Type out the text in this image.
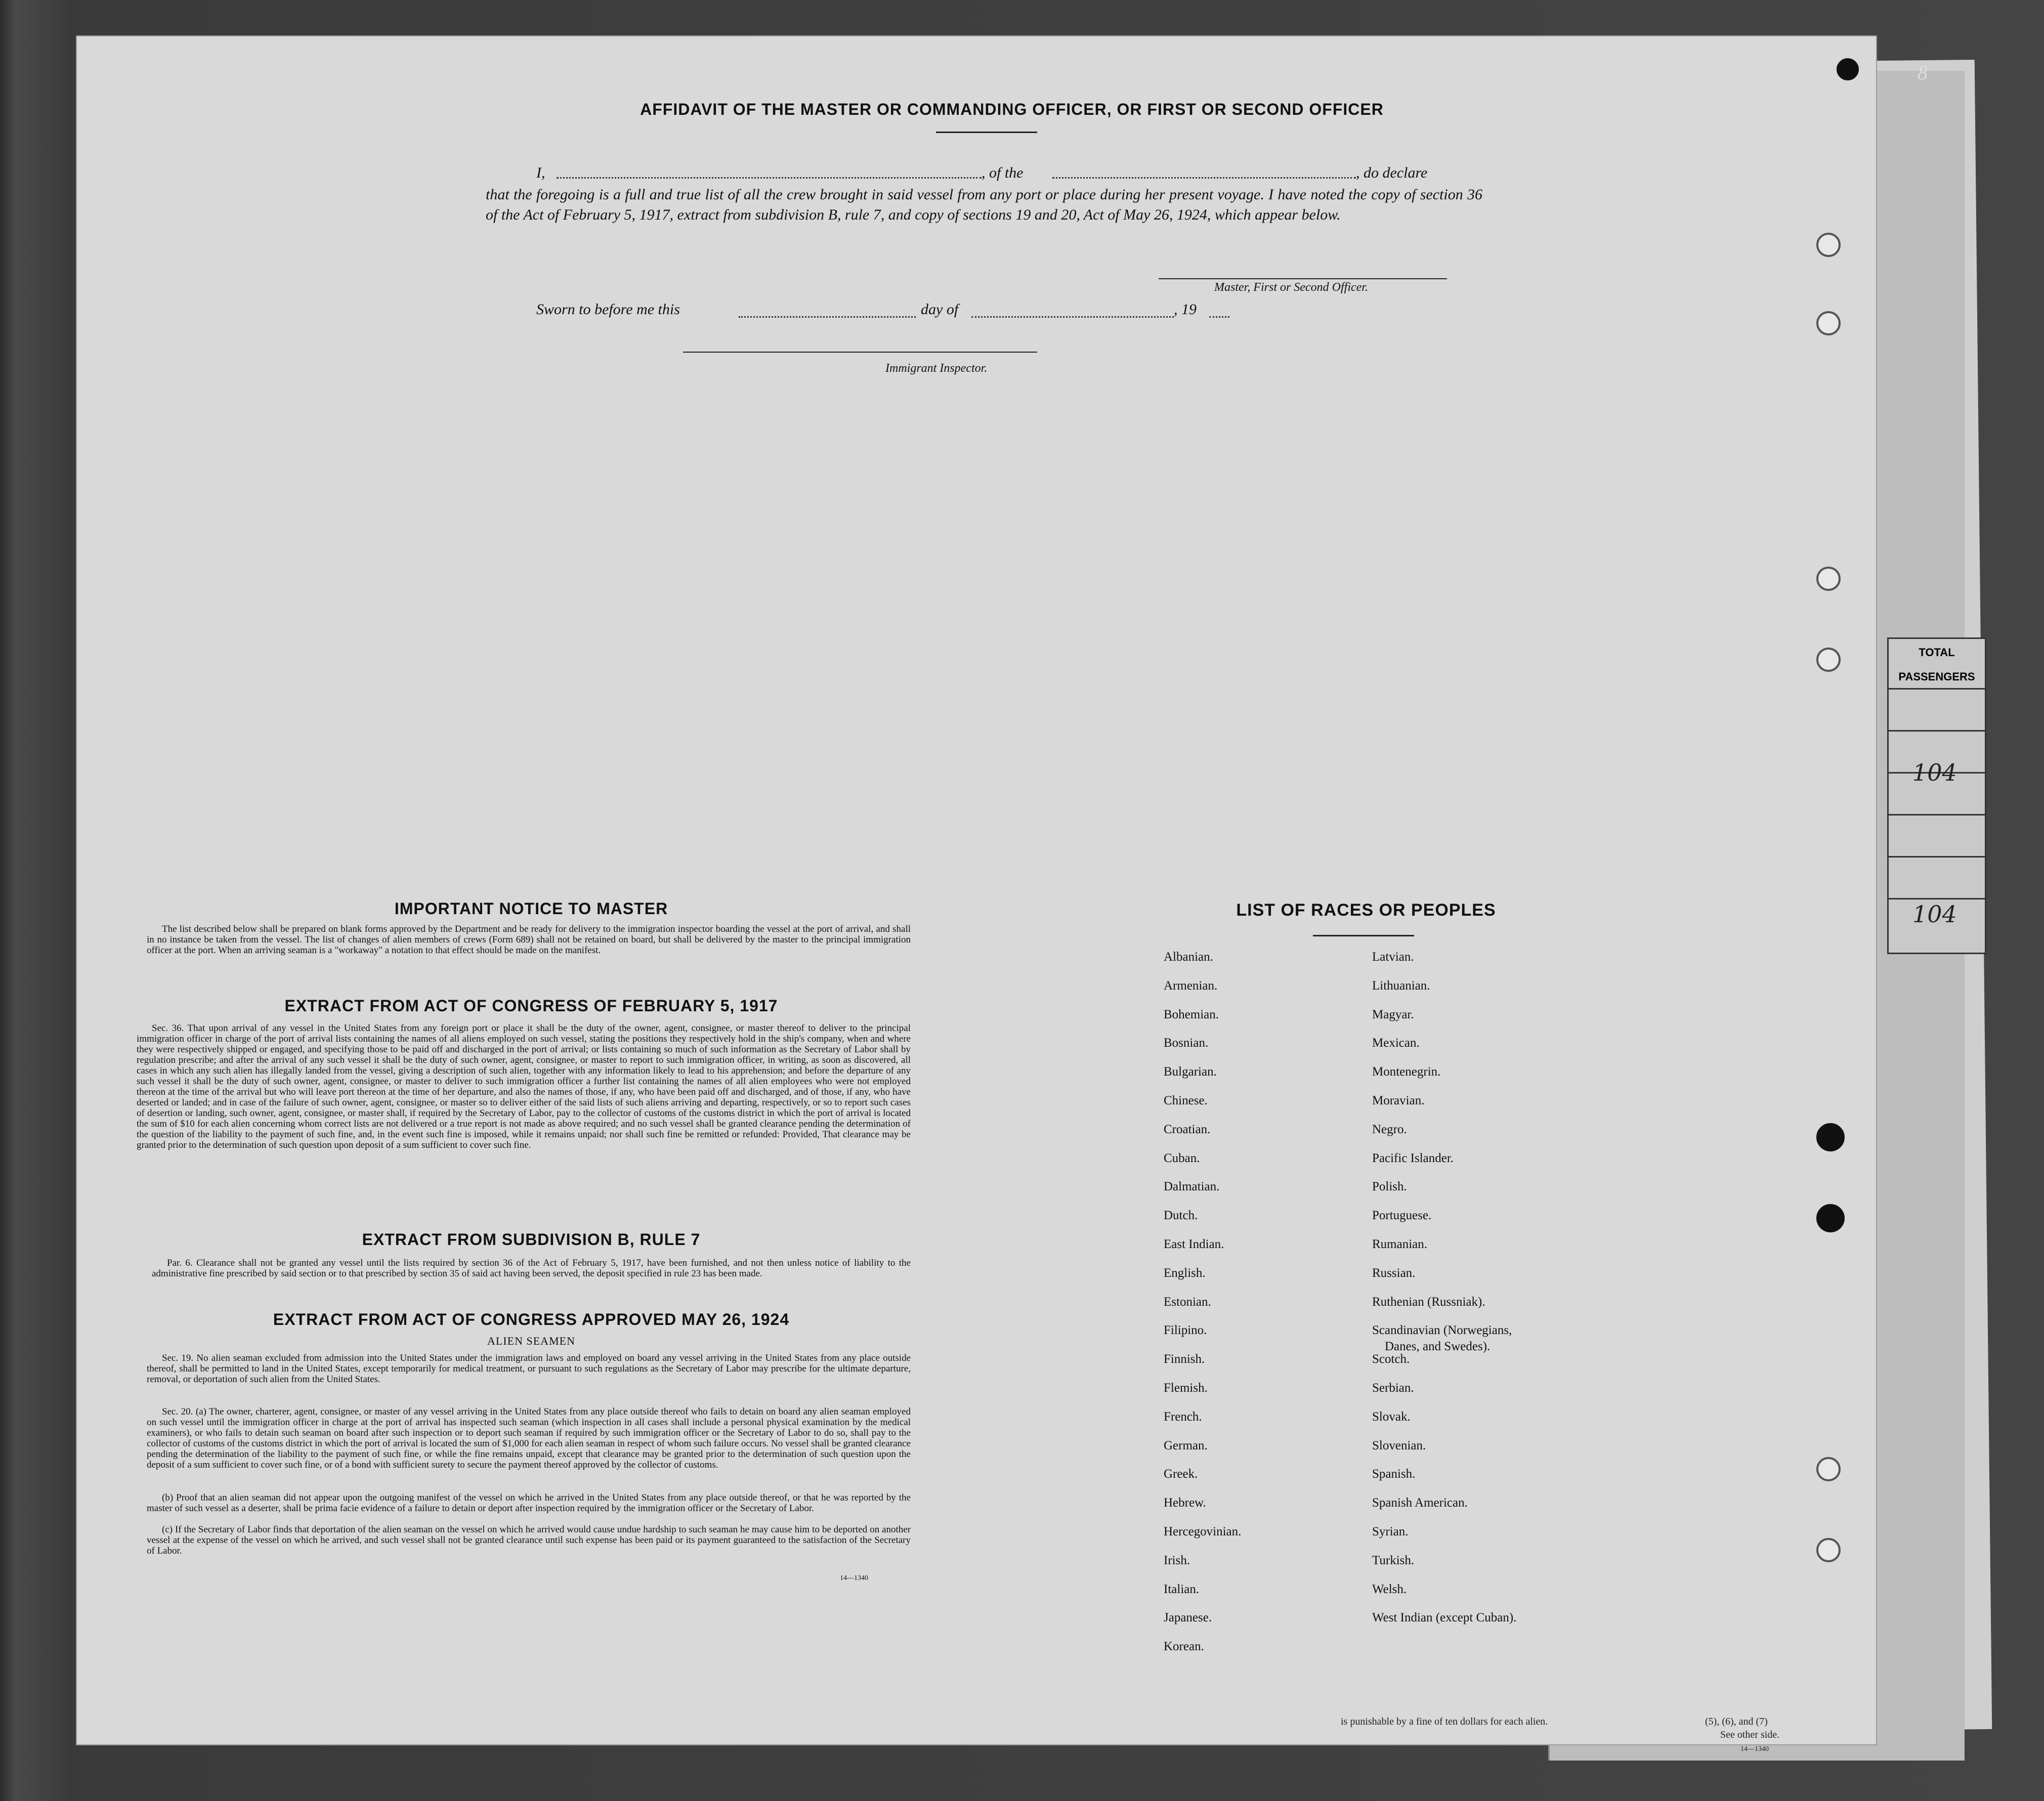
TOTAL
PASSENGERS
104
104
8
AFFIDAVIT OF THE MASTER OR COMMANDING OFFICER, OR FIRST OR SECOND OFFICER
I,	, of the	, do declare
that the foregoing is a full and true list of all the crew brought in said vessel from any port or place during her present voyage. I have noted the copy of section 36 of the Act of February 5, 1917, extract from subdivision B, rule 7, and copy of sections 19 and 20, Act of May 26, 1924, which appear below.
Master, First or Second Officer.
Sworn to before me this	day of	, 19
Immigrant Inspector.
IMPORTANT NOTICE TO MASTER
The list described below shall be prepared on blank forms approved by the Department and be ready for delivery to the immigration inspector boarding the vessel at the port of arrival, and shall in no instance be taken from the vessel. The list of changes of alien members of crews (Form 689) shall not be retained on board, but shall be delivered by the master to the principal immigration officer at the port. When an arriving seaman is a "workaway" a notation to that effect should be made on the manifest.
EXTRACT FROM ACT OF CONGRESS OF FEBRUARY 5, 1917
Sec. 36. That upon arrival of any vessel in the United States from any foreign port or place it shall be the duty of the owner, agent, consignee, or master thereof to deliver to the principal immigration officer in charge of the port of arrival lists containing the names of all aliens employed on such vessel, stating the positions they respectively hold in the ship's company, when and where they were respectively shipped or engaged, and specifying those to be paid off and discharged in the port of arrival; or lists containing so much of such information as the Secretary of Labor shall by regulation prescribe; and after the arrival of any such vessel it shall be the duty of such owner, agent, consignee, or master to report to such immigration officer, in writing, as soon as discovered, all cases in which any such alien has illegally landed from the vessel, giving a description of such alien, together with any information likely to lead to his apprehension; and before the departure of any such vessel it shall be the duty of such owner, agent, consignee, or master to deliver to such immigration officer a further list containing the names of all alien employees who were not employed thereon at the time of the arrival but who will leave port thereon at the time of her departure, and also the names of those, if any, who have been paid off and discharged, and of those, if any, who have deserted or landed; and in case of the failure of such owner, agent, consignee, or master so to deliver either of the said lists of such aliens arriving and departing, respectively, or so to report such cases of desertion or landing, such owner, agent, consignee, or master shall, if required by the Secretary of Labor, pay to the collector of customs of the customs district in which the port of arrival is located the sum of $10 for each alien concerning whom correct lists are not delivered or a true report is not made as above required; and no such vessel shall be granted clearance pending the determination of the question of the liability to the payment of such fine, and, in the event such fine is imposed, while it remains unpaid; nor shall such fine be remitted or refunded: Provided, That clearance may be granted prior to the determination of such question upon deposit of a sum sufficient to cover such fine.
EXTRACT FROM SUBDIVISION B, RULE 7
Par. 6. Clearance shall not be granted any vessel until the lists required by section 36 of the Act of February 5, 1917, have been furnished, and not then unless notice of liability to the administrative fine prescribed by said section or to that prescribed by section 35 of said act having been served, the deposit specified in rule 23 has been made.
EXTRACT FROM ACT OF CONGRESS APPROVED MAY 26, 1924
ALIEN SEAMEN
Sec. 19. No alien seaman excluded from admission into the United States under the immigration laws and employed on board any vessel arriving in the United States from any place outside thereof, shall be permitted to land in the United States, except temporarily for medical treatment, or pursuant to such regulations as the Secretary of Labor may prescribe for the ultimate departure, removal, or deportation of such alien from the United States.
Sec. 20. (a) The owner, charterer, agent, consignee, or master of any vessel arriving in the United States from any place outside thereof who fails to detain on board any alien seaman employed on such vessel until the immigration officer in charge at the port of arrival has inspected such seaman (which inspection in all cases shall include a personal physical examination by the medical examiners), or who fails to detain such seaman on board after such inspection or to deport such seaman if required by such immigration officer or the Secretary of Labor to do so, shall pay to the collector of customs of the customs district in which the port of arrival is located the sum of $1,000 for each alien seaman in respect of whom such failure occurs. No vessel shall be granted clearance pending the determination of the liability to the payment of such fine, or while the fine remains unpaid, except that clearance may be granted prior to the determination of such question upon the deposit of a sum sufficient to cover such fine, or of a bond with sufficient surety to secure the payment thereof approved by the collector of customs.
(b) Proof that an alien seaman did not appear upon the outgoing manifest of the vessel on which he arrived in the United States from any place outside thereof, or that he was reported by the master of such vessel as a deserter, shall be prima facie evidence of a failure to detain or deport after inspection required by the immigration officer or the Secretary of Labor.
(c) If the Secretary of Labor finds that deportation of the alien seaman on the vessel on which he arrived would cause undue hardship to such seaman he may cause him to be deported on another vessel at the expense of the vessel on which he arrived, and such vessel shall not be granted clearance until such expense has been paid or its payment guaranteed to the satisfaction of the Secretary of Labor.
14—1340
LIST OF RACES OR PEOPLES
Albanian.
Armenian.
Bohemian.
Bosnian.
Bulgarian.
Chinese.
Croatian.
Cuban.
Dalmatian.
Dutch.
East Indian.
English.
Estonian.
Filipino.
Finnish.
Flemish.
French.
German.
Greek.
Hebrew.
Hercegovinian.
Irish.
Italian.
Japanese.
Korean.
Latvian.
Lithuanian.
Magyar.
Mexican.
Montenegrin.
Moravian.
Negro.
Pacific Islander.
Polish.
Portuguese.
Rumanian.
Russian.
Ruthenian (Russniak).
Scandinavian (Norwegians,
Danes, and Swedes).
Scotch.
Serbian.
Slovak.
Slovenian.
Spanish.
Spanish American.
Syrian.
Turkish.
Welsh.
West Indian (except Cuban).
is punishable by a fine of ten dollars for each alien.	(5), (6), and (7)
See other side.
14—1340
